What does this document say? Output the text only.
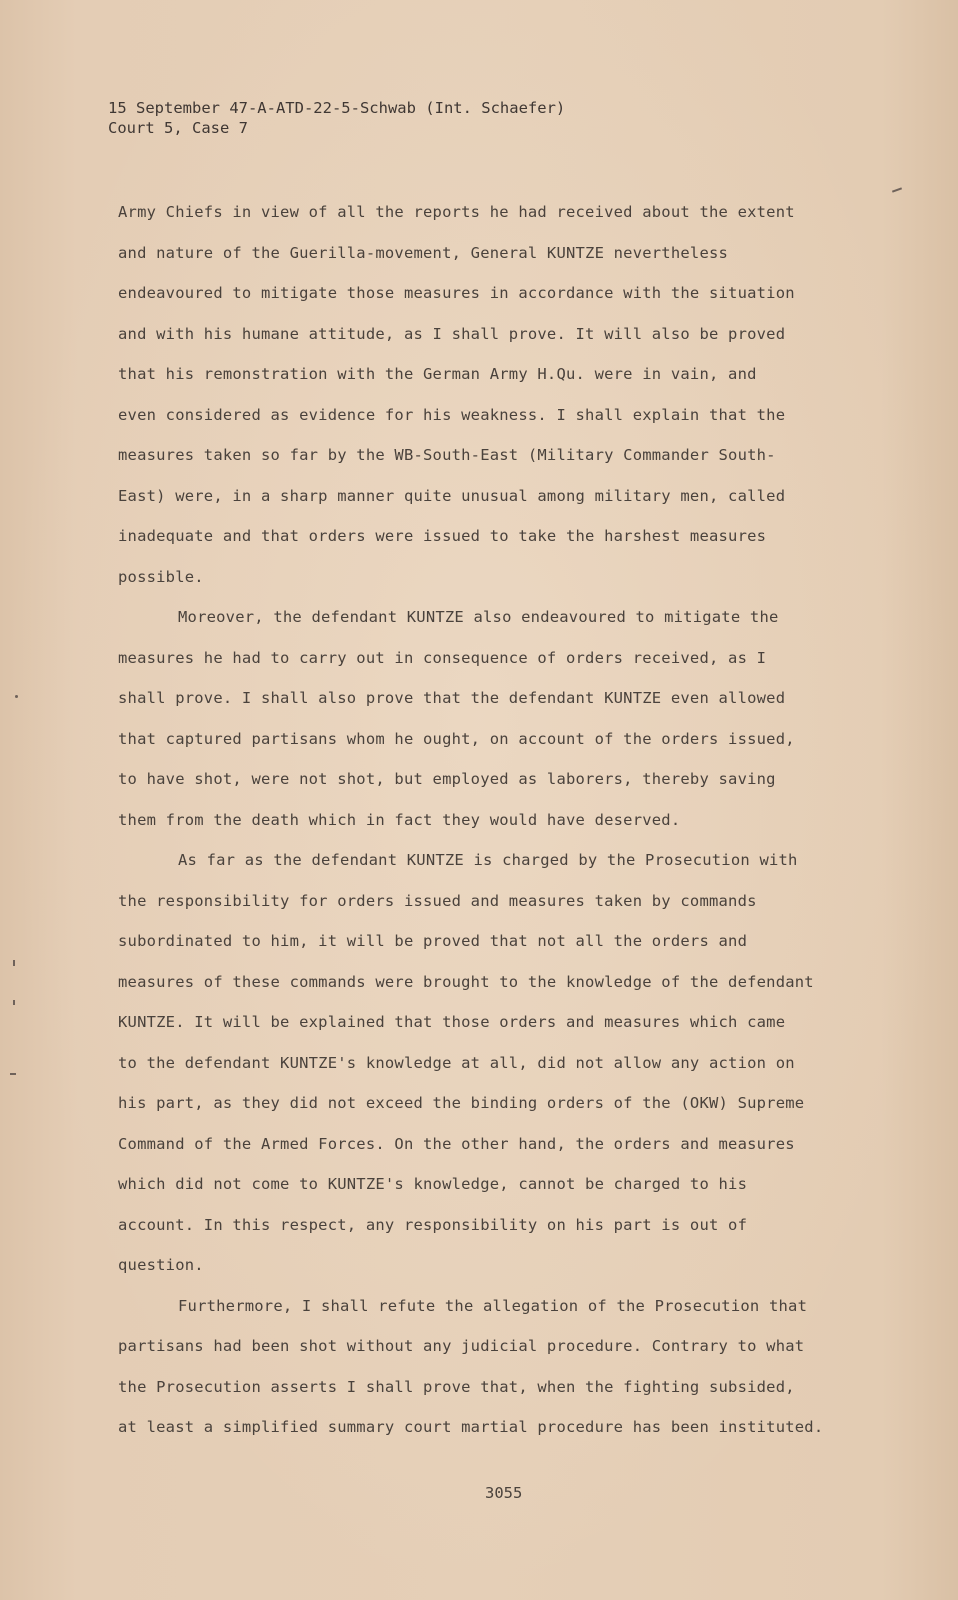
15 September 47-A-ATD-22-5-Schwab (Int. Schaefer)
Court 5, Case 7
Army Chiefs in view of all the reports he had received about the extent
and nature of the Guerilla-movement, General KUNTZE nevertheless
endeavoured to mitigate those measures in accordance with the situation
and with his humane attitude, as I shall prove. It will also be proved
that his remonstration with the German Army H.Qu. were in vain, and
even considered as evidence for his weakness. I shall explain that the
measures taken so far by the WB-South-East (Military Commander South-
East) were, in a sharp manner quite unusual among military men, called
inadequate and that orders were issued to take the harshest measures
possible.
Moreover, the defendant KUNTZE also endeavoured to mitigate the
measures he had to carry out in consequence of orders received, as I
shall prove. I shall also prove that the defendant KUNTZE even allowed
that captured partisans whom he ought, on account of the orders issued,
to have shot, were not shot, but employed as laborers, thereby saving
them from the death which in fact they would have deserved.
As far as the defendant KUNTZE is charged by the Prosecution with
the responsibility for orders issued and measures taken by commands
subordinated to him, it will be proved that not all the orders and
measures of these commands were brought to the knowledge of the defendant
KUNTZE. It will be explained that those orders and measures which came
to the defendant KUNTZE's knowledge at all, did not allow any action on
his part, as they did not exceed the binding orders of the (OKW) Supreme
Command of the Armed Forces. On the other hand, the orders and measures
which did not come to KUNTZE's knowledge, cannot be charged to his
account. In this respect, any responsibility on his part is out of
question.
Furthermore, I shall refute the allegation of the Prosecution that
partisans had been shot without any judicial procedure. Contrary to what
the Prosecution asserts I shall prove that, when the fighting subsided,
at least a simplified summary court martial procedure has been instituted.
3055
